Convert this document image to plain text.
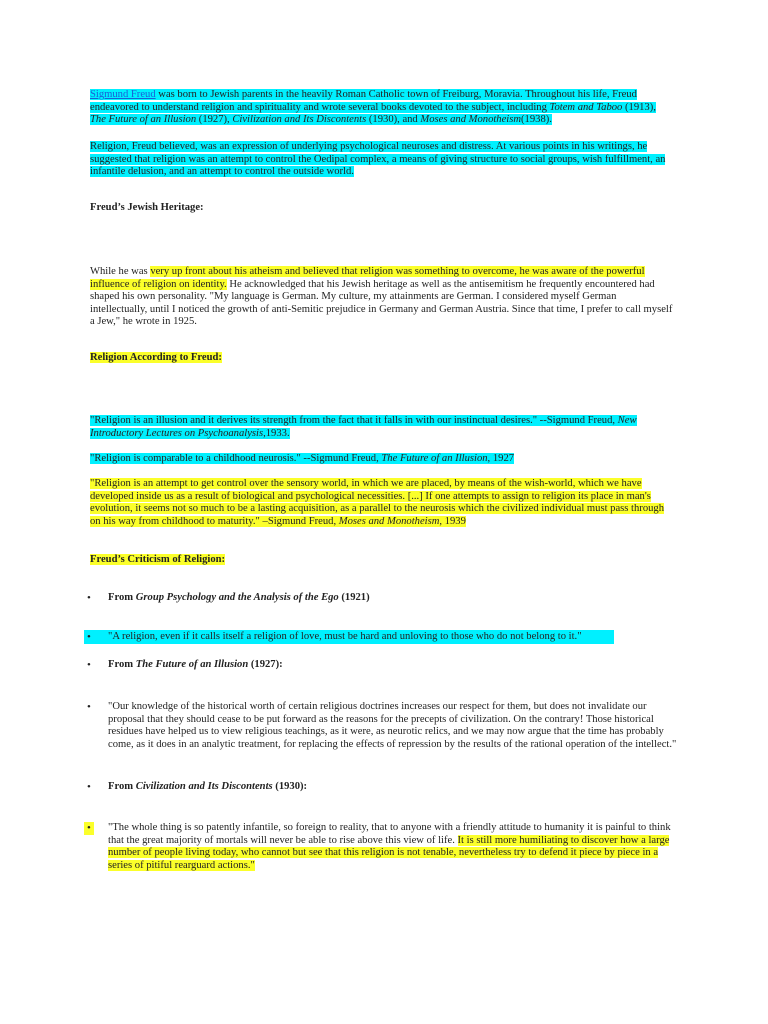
Sigmund Freud was born to Jewish parents in the heavily Roman Catholic town of Freiburg, Moravia. Throughout his life, Freud endeavored to understand religion and spirituality and wrote several books devoted to the subject, including Totem and Taboo (1913), The Future of an Illusion (1927), Civilization and Its Discontents (1930), and Moses and Monotheism(1938).

Religion, Freud believed, was an expression of underlying psychological neuroses and distress. At various points in his writings, he suggested that religion was an attempt to control the Oedipal complex, a means of giving structure to social groups, wish fulfillment, an infantile delusion, and an attempt to control the outside world.

Freud’s Jewish Heritage:

While he was very up front about his atheism and believed that religion was something to overcome, he was aware of the powerful influence of religion on identity. He acknowledged that his Jewish heritage as well as the antisemitism he frequently encountered had shaped his own personality. "My language is German. My culture, my attainments are German. I considered myself German intellectually, until I noticed the growth of anti-Semitic prejudice in Germany and German Austria. Since that time, I prefer to call myself a Jew," he wrote in 1925.

Religion According to Freud:

"Religion is an illusion and it derives its strength from the fact that it falls in with our instinctual desires." --Sigmund Freud, New Introductory Lectures on Psychoanalysis,1933.

"Religion is comparable to a childhood neurosis." --Sigmund Freud, The Future of an Illusion, 1927

"Religion is an attempt to get control over the sensory world, in which we are placed, by means of the wish-world, which we have developed inside us as a result of biological and psychological necessities. [...] If one attempts to assign to religion its place in man's evolution, it seems not so much to be a lasting acquisition, as a parallel to the neurosis which the civilized individual must pass through on his way from childhood to maturity." –Sigmund Freud, Moses and Monotheism, 1939

Freud’s Criticism of Religion:
• From Group Psychology and the Analysis of the Ego (1921)

• "A religion, even if it calls itself a religion of love, must be hard and unloving to those who do not belong to it."

• From The Future of an Illusion (1927):

• "Our knowledge of the historical worth of certain religious doctrines increases our respect for them, but does not invalidate our proposal that they should cease to be put forward as the reasons for the precepts of civilization. On the contrary! Those historical residues have helped us to view religious teachings, as it were, as neurotic relics, and we may now argue that the time has probably come, as it does in an analytic treatment, for replacing the effects of repression by the results of the rational operation of the intellect."

• From Civilization and Its Discontents (1930):

• "The whole thing is so patently infantile, so foreign to reality, that to anyone with a friendly attitude to humanity it is painful to think that the great majority of mortals will never be able to rise above this view of life. It is still more humiliating to discover how a large number of people living today, who cannot but see that this religion is not tenable, nevertheless try to defend it piece by piece in a series of pitiful rearguard actions."
